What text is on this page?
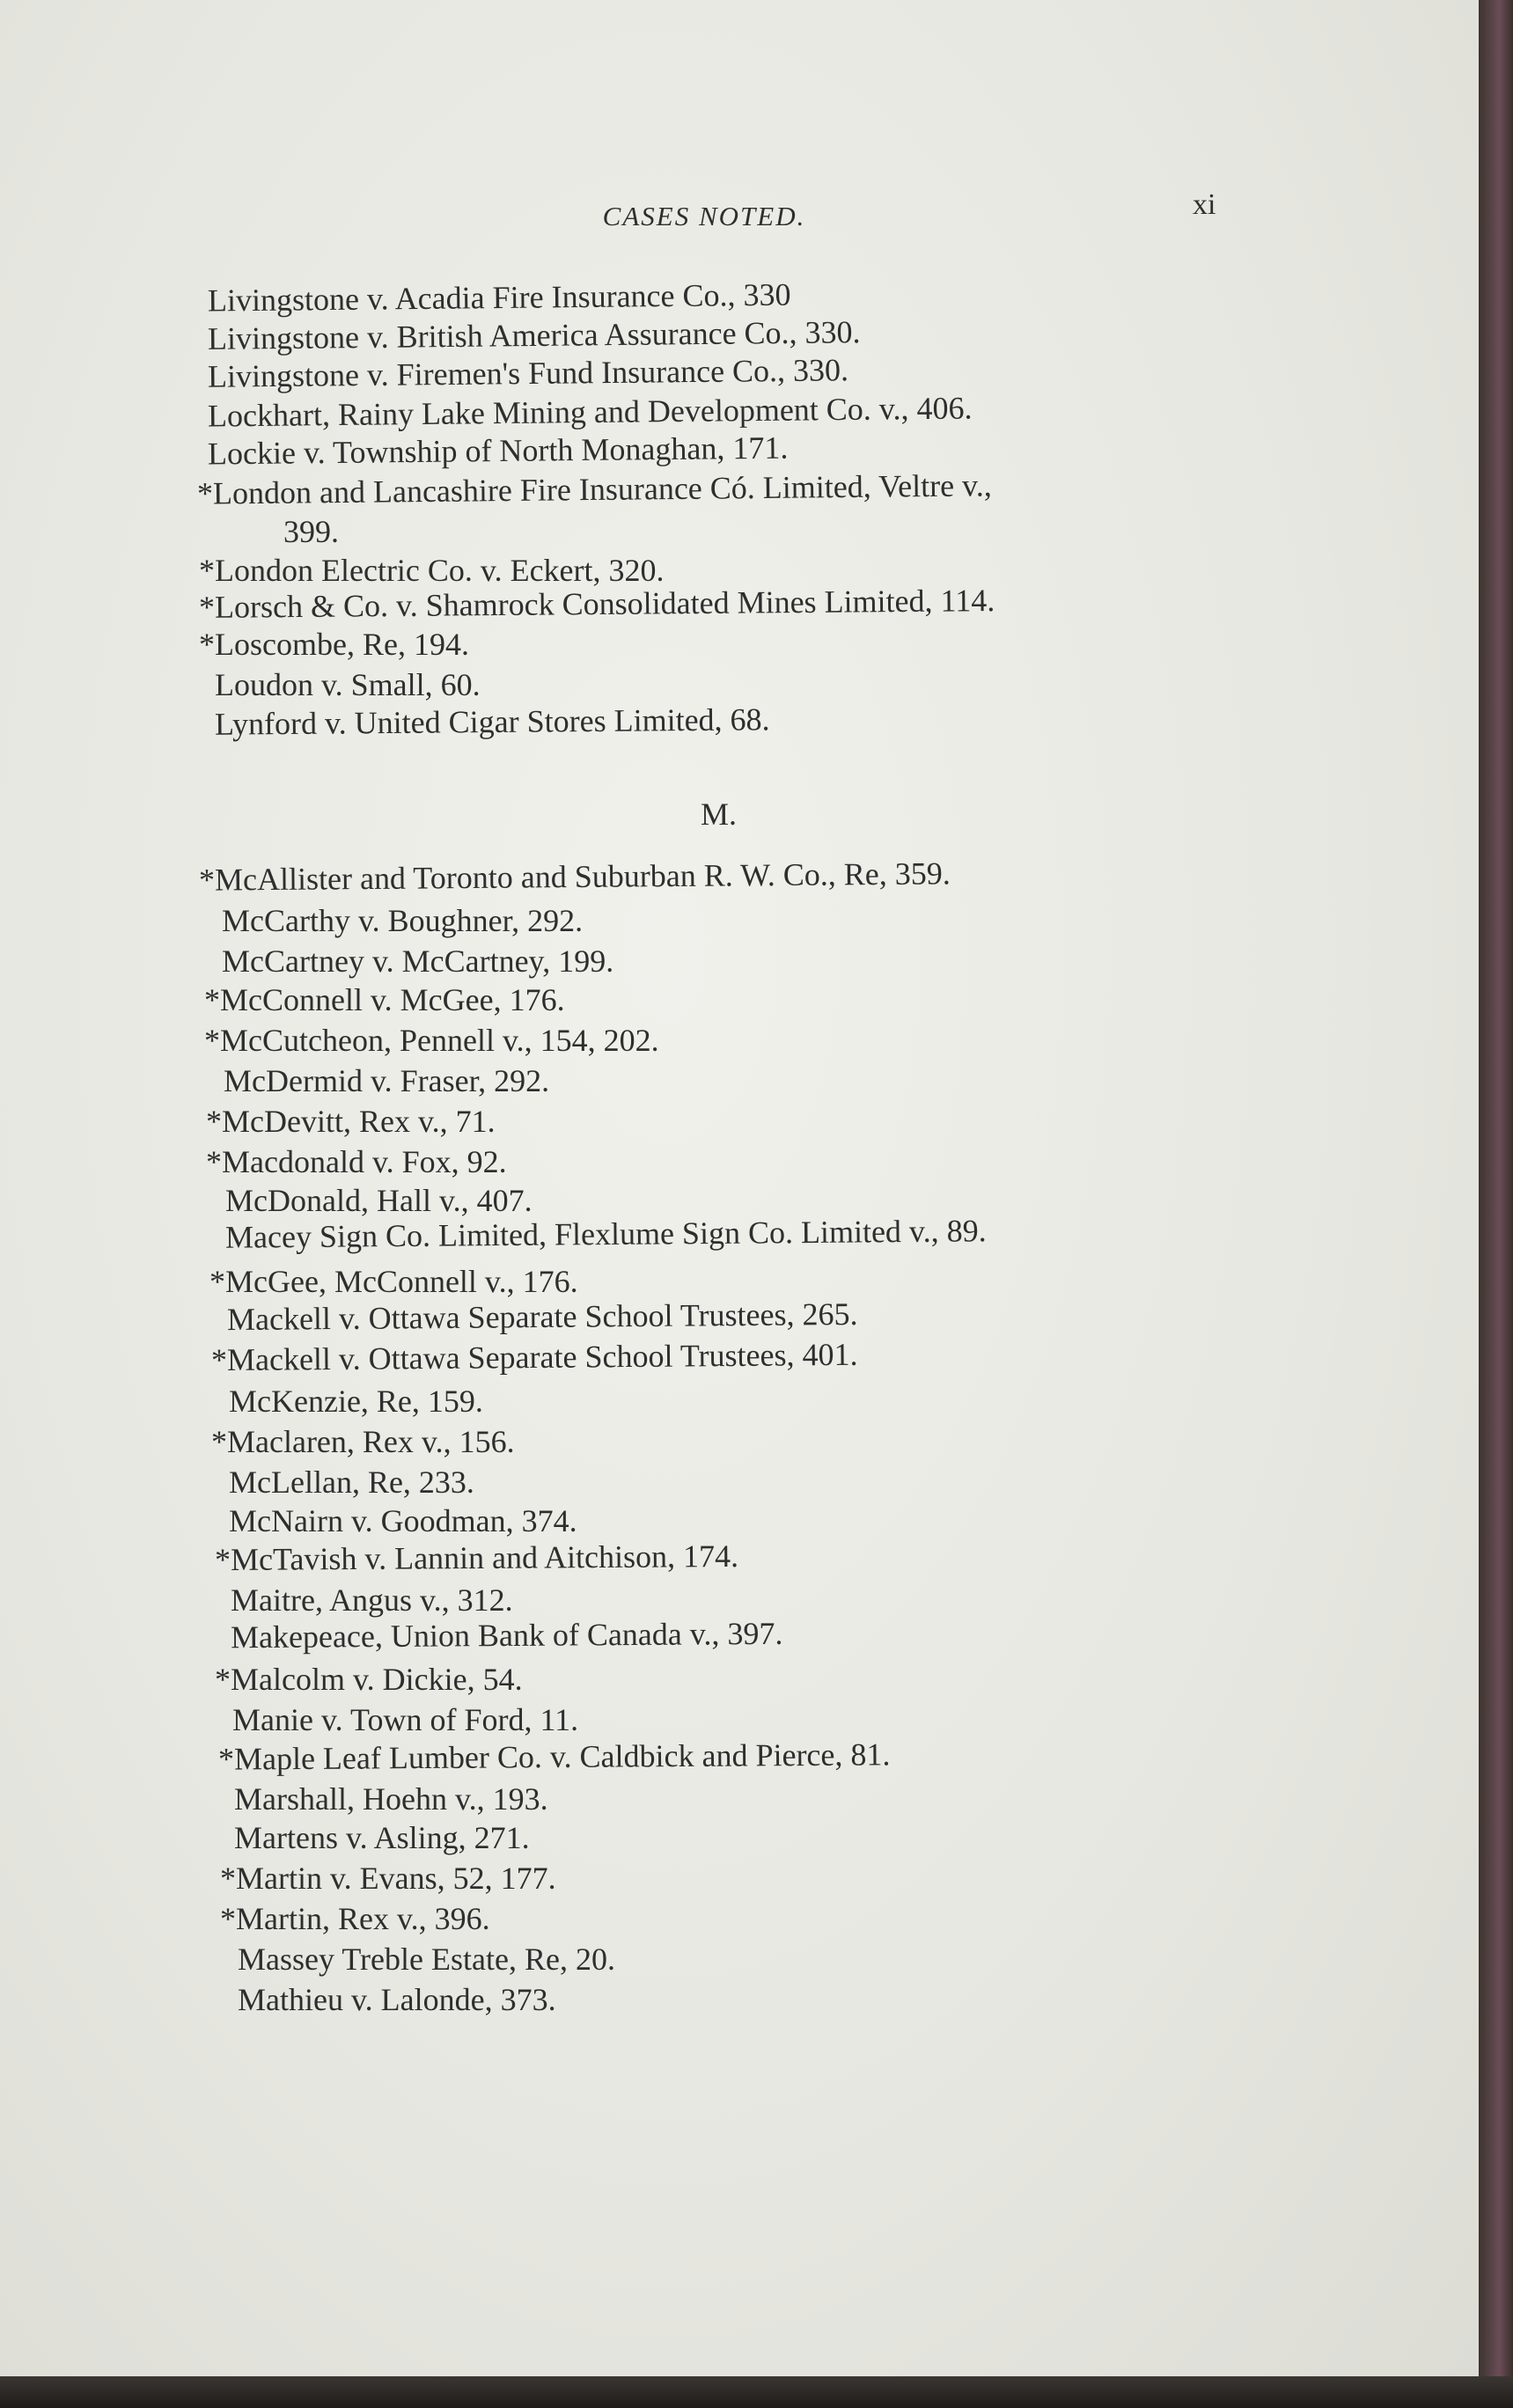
CASES NOTED.	xi
Livingstone v. Acadia Fire Insurance Co., 330
Livingstone v. British America Assurance Co., 330.
Livingstone v. Firemen's Fund Insurance Co., 330.
Lockhart, Rainy Lake Mining and Development Co. v., 406.
Lockie v. Township of North Monaghan, 171.
*London and Lancashire Fire Insurance Có. Limited, Veltre v.,
399.
*London Electric Co. v. Eckert, 320.
*Lorsch & Co. v. Shamrock Consolidated Mines Limited, 114.
*Loscombe, Re, 194.
Loudon v. Small, 60.
Lynford v. United Cigar Stores Limited, 68.
M.
*McAllister and Toronto and Suburban R. W. Co., Re, 359.
McCarthy v. Boughner, 292.
McCartney v. McCartney, 199.
*McConnell v. McGee, 176.
*McCutcheon, Pennell v., 154, 202.
McDermid v. Fraser, 292.
*McDevitt, Rex v., 71.
*Macdonald v. Fox, 92.
McDonald, Hall v., 407.
Macey Sign Co. Limited, Flexlume Sign Co. Limited v., 89.
*McGee, McConnell v., 176.
Mackell v. Ottawa Separate School Trustees, 265.
*Mackell v. Ottawa Separate School Trustees, 401.
McKenzie, Re, 159.
*Maclaren, Rex v., 156.
McLellan, Re, 233.
McNairn v. Goodman, 374.
*McTavish v. Lannin and Aitchison, 174.
Maitre, Angus v., 312.
Makepeace, Union Bank of Canada v., 397.
*Malcolm v. Dickie, 54.
Manie v. Town of Ford, 11.
*Maple Leaf Lumber Co. v. Caldbick and Pierce, 81.
Marshall, Hoehn v., 193.
Martens v. Asling, 271.
*Martin v. Evans, 52, 177.
*Martin, Rex v., 396.
Massey Treble Estate, Re, 20.
Mathieu v. Lalonde, 373.
